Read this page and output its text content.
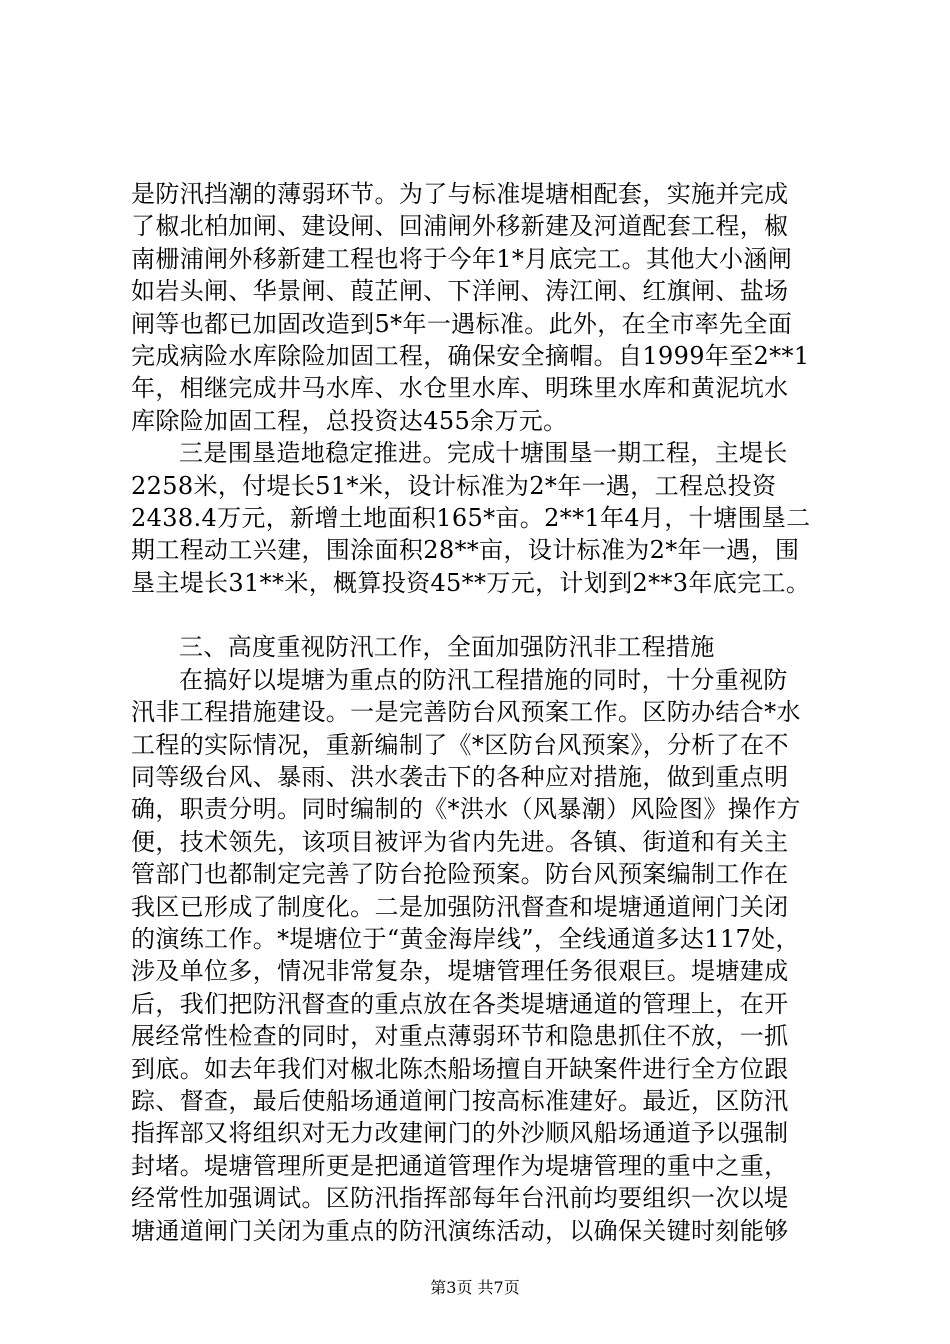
是防汛挡潮的薄弱环节。为了与标准堤塘相配套，实施并完成
了椒北柏加闸、建设闸、回浦闸外移新建及河道配套工程，椒
南栅浦闸外移新建工程也将于今年1*月底完工。其他大小涵闸
如岩头闸、华景闸、葭芷闸、下洋闸、涛江闸、红旗闸、盐场
闸等也都已加固改造到5*年一遇标准。此外，在全市率先全面
完成病险水库除险加固工程，确保安全摘帽。自1999年至2**1
年，相继完成井马水库、水仓里水库、明珠里水库和黄泥坑水
库除险加固工程，总投资达455余万元。
三是围垦造地稳定推进。完成十塘围垦一期工程，主堤长
2258米，付堤长51*米，设计标准为2*年一遇，工程总投资
2438.4万元，新增土地面积165*亩。2**1年4月，十塘围垦二
期工程动工兴建，围涂面积28**亩，设计标准为2*年一遇，围
垦主堤长31**米，概算投资45**万元，计划到2**3年底完工。
三、高度重视防汛工作，全面加强防汛非工程措施
在搞好以堤塘为重点的防汛工程措施的同时，十分重视防
汛非工程措施建设。一是完善防台风预案工作。区防办结合*水
工程的实际情况，重新编制了《*区防台风预案》，分析了在不
同等级台风、暴雨、洪水袭击下的各种应对措施，做到重点明
确，职责分明。同时编制的《*洪水（风暴潮）风险图》操作方
便，技术领先，该项目被评为省内先进。各镇、街道和有关主
管部门也都制定完善了防台抢险预案。防台风预案编制工作在
我区已形成了制度化。二是加强防汛督查和堤塘通道闸门关闭
的演练工作。*堤塘位于“黄金海岸线”，全线通道多达117处，
涉及单位多，情况非常复杂，堤塘管理任务很艰巨。堤塘建成
后，我们把防汛督查的重点放在各类堤塘通道的管理上，在开
展经常性检查的同时，对重点薄弱环节和隐患抓住不放，一抓
到底。如去年我们对椒北陈杰船场擅自开缺案件进行全方位跟
踪、督查，最后使船场通道闸门按高标准建好。最近，区防汛
指挥部又将组织对无力改建闸门的外沙顺风船场通道予以强制
封堵。堤塘管理所更是把通道管理作为堤塘管理的重中之重，
经常性加强调试。区防汛指挥部每年台汛前均要组织一次以堤
塘通道闸门关闭为重点的防汛演练活动，以确保关键时刻能够
第3页 共7页
